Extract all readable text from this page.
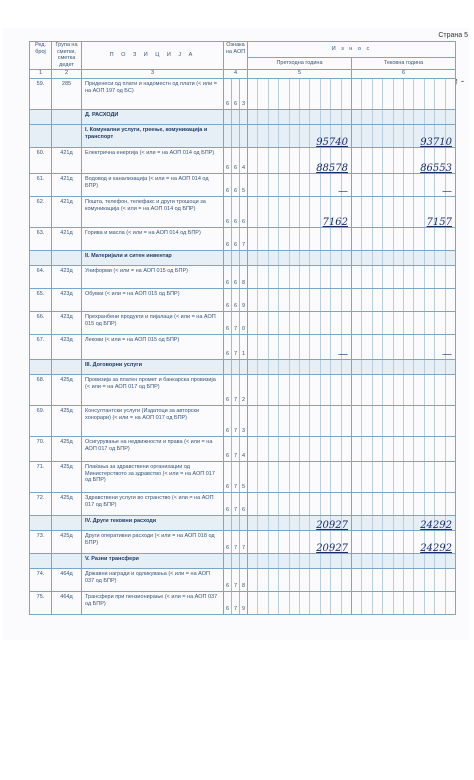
Страна 5
↑ -
Ред. број	Група на сметки, сметка дедет	П О З И Ц И Ј А	Ознака на АОП	И з н о с	
				Претходна година	Тековна година
1	2	3	4	5	6
59.	285	Приденеси од плати и надоместн од плати (< или = на АОП 197 од БС)	6 6 3		

		Д. РАСХОДИ	

		I. Комунални услуги, греење, комуникација и транспорт		95740	93710

60.	421д	Електрична енергија (< или = на АОП 014 од БПР)	6 6 4	88578	86553

61.	421д	Водовод и канализација (< или = на АОП 014 од БПР)	6 6 5	—	—

62.	421д	Пошта, телефон, телефакс и други трошоци за комуникација (< или = на АОП 014 од БПР)	6 6 6	7162	7157

63.	421д	Горива и масла (< или = на АОП 014 од БПР)	6 6 7		

		II. Материјали и ситен инвентар	

64.	423д	Униформи (< или = на АОП 015 од БПР)	6 6 8		

65.	423д	Обувки (< или = на АОП 015 од БПР)	6 6 9		

66.	423д	Прехранбени продукти и пијалаци (< или = на АОП 015 од БПР)	6 7 0		

67.	423д	Лекови (< или = на АОП 015 од БПР)	6 7 1	—	—

		III. Договорни услуги	

68.	425д	Провизија за платен промет и банкарска провизија (< или = на АОП 017 од БПР)	6 7 2		

69.	425д	Консултантски услуги (Издатоци за авторски хонорари) (< или = на АОП 017 од БПР)	6 7 3		

70.	425д	Осигурување на недвижности и права (< или = на АОП 017 од БПР)	6 7 4		

71.	425д	Плаќања за здравствени организации од Министерството за здравство (< или = на АОП 017 од БПР)	6 7 5		

72.	425д	Здравствени услуги во странство (< или = на АОП 017 од БПР)	6 7 6		

		IV. Други тековни расходи		20927	24292

73.	425д	Други оперативни расходи (< или = на АОП 018 од БПР)	6 7 7	20927	24292

		V. Разни трансфери	

74.	464д	Државни награди и одликувања (< или = на АОП 037 од БПР)	6 7 8		

75.	464д	Трансфери при пензионирање (< или = на АОП 037 од БПР)	6 7 9		
